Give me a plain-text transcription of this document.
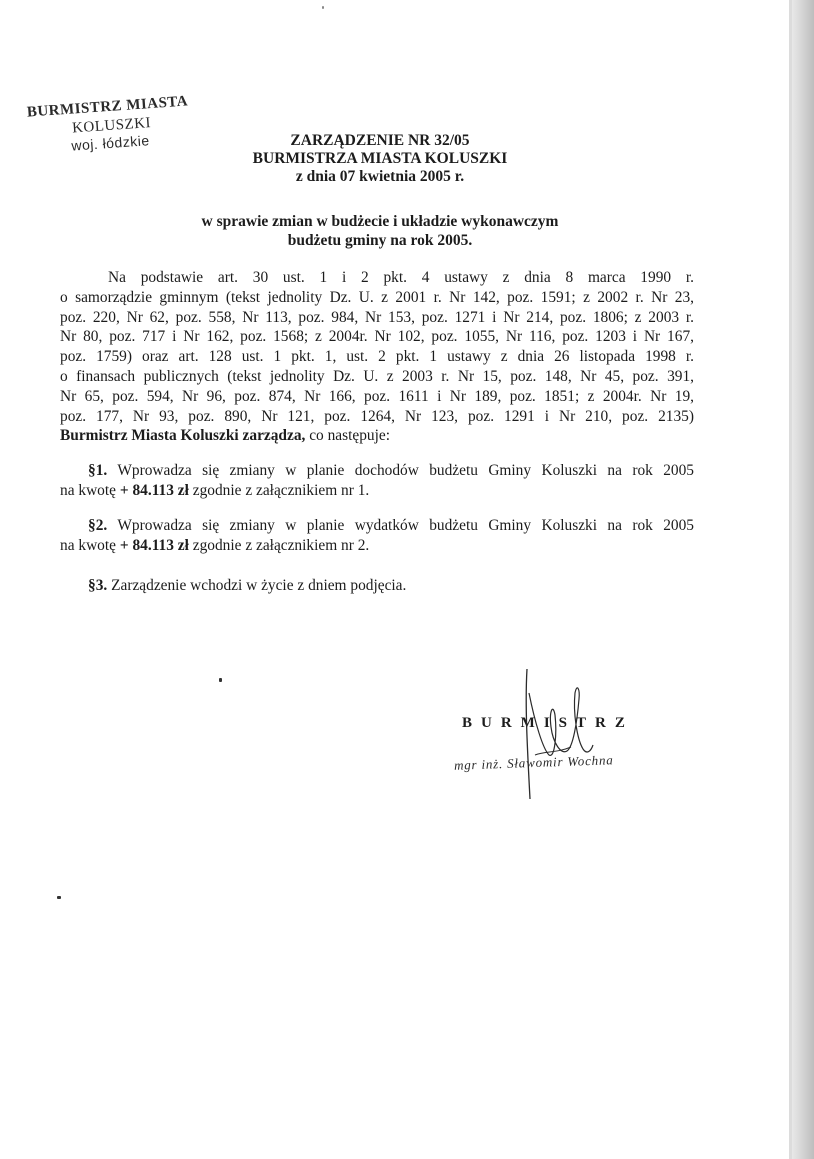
BURMISTRZ MIASTA
KOLUSZKI
woj. łódzkie	ZARZĄDZENIE NR 32/05
BURMISTRZA MIASTA KOLUSZKI
z dnia 07 kwietnia 2005 r.
w sprawie zmian w budżecie i układzie wykonawczym
budżetu gminy na rok 2005.
Na podstawie art. 30 ust. 1 i 2 pkt. 4 ustawy z dnia 8 marca 1990 r.
o samorządzie gminnym (tekst jednolity Dz. U. z 2001 r. Nr 142, poz. 1591; z 2002 r. Nr 23,
poz. 220, Nr 62, poz. 558, Nr 113, poz. 984, Nr 153, poz. 1271 i Nr 214, poz. 1806; z 2003 r.
Nr 80, poz. 717 i Nr 162, poz. 1568; z 2004r. Nr 102, poz. 1055, Nr 116, poz. 1203 i Nr 167,
poz. 1759) oraz art. 128 ust. 1 pkt. 1, ust. 2 pkt. 1 ustawy z dnia 26 listopada 1998 r.
o finansach publicznych (tekst jednolity Dz. U. z 2003 r. Nr 15, poz. 148, Nr 45, poz. 391,
Nr 65, poz. 594, Nr 96, poz. 874, Nr 166, poz. 1611 i Nr 189, poz. 1851; z 2004r. Nr 19,
poz. 177, Nr 93, poz. 890, Nr 121, poz. 1264, Nr 123, poz. 1291 i Nr 210, poz. 2135)
Burmistrz Miasta Koluszki zarządza, co następuje:
§1. Wprowadza się zmiany w planie dochodów budżetu Gminy Koluszki na rok 2005
na kwotę + 84.113 zł zgodnie z załącznikiem nr 1.
§2. Wprowadza się zmiany w planie wydatków budżetu Gminy Koluszki na rok 2005
na kwotę + 84.113 zł zgodnie z załącznikiem nr 2.
§3. Zarządzenie wchodzi w życie z dniem podjęcia.
BURMISTRZ
mgr inż. Sławomir Wochna
